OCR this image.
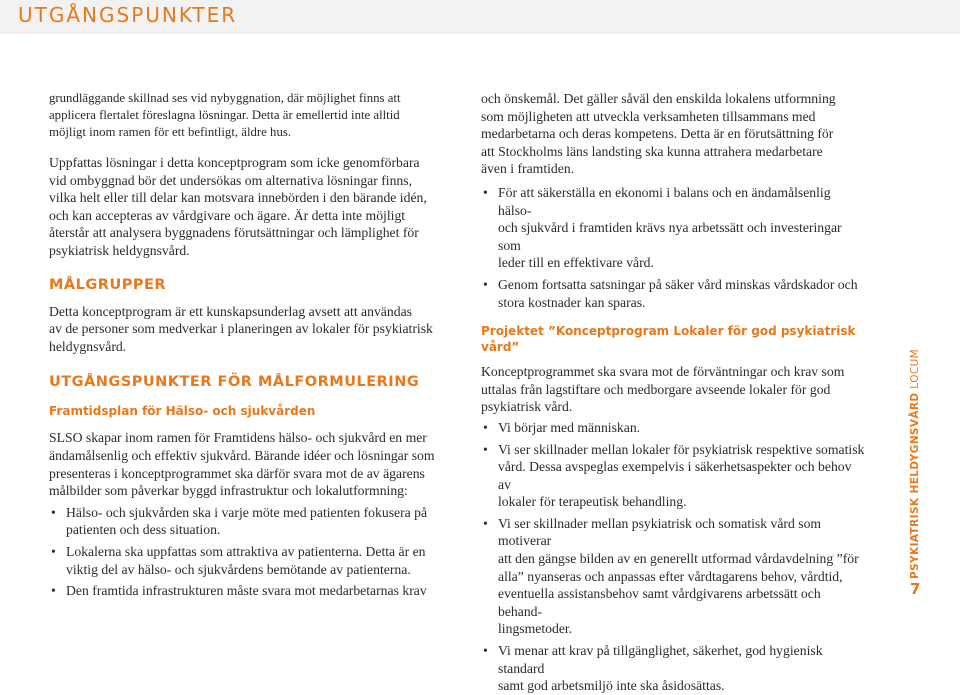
UTGÅNGSPUNKTER

grundläggande skillnad ses vid nybyggnation, där möjlighet finns att
applicera flertalet föreslagna lösningar. Detta är emellertid inte alltid
möjligt inom ramen för ett befintligt, äldre hus.

Uppfattas lösningar i detta konceptprogram som icke genomförbara
vid ombyggnad bör det undersökas om alternativa lösningar finns,
vilka helt eller till delar kan motsvara innebörden i den bärande idén,
och kan accepteras av vårdgivare och ägare. Är detta inte möjligt
återstår att analysera byggnadens förutsättningar och lämplighet för
psykiatrisk heldygnsvård.

MÅLGRUPPER

Detta konceptprogram är ett kunskapsunderlag avsett att användas
av de personer som medverkar i planeringen av lokaler för psykiatrisk
heldygnsvård.

UTGÅNGSPUNKTER FÖR MÅLFORMULERING
Framtidsplan för Hälso- och sjukvården

SLSO skapar inom ramen för Framtidens hälso- och sjukvård en mer
ändamålsenlig och effektiv sjukvård. Bärande idéer och lösningar som
presenteras i konceptprogrammet ska därför svara mot de av ägarens
målbilder som påverkar byggd infrastruktur och lokalutformning:

• Hälso- och sjukvården ska i varje möte med patienten fokusera på
patienten och dess situation.
• Lokalerna ska uppfattas som attraktiva av patienterna. Detta är en
viktig del av hälso- och sjukvårdens bemötande av patienterna.
• Den framtida infrastrukturen måste svara mot medarbetarnas krav

och önskemål. Det gäller såväl den enskilda lokalens utformning
som möjligheten att utveckla verksamheten tillsammans med
medarbetarna och deras kompetens. Detta är en förutsättning för
att Stockholms läns landsting ska kunna attrahera medarbetare
även i framtiden.

• För att säkerställa en ekonomi i balans och en ändamålsenlig hälso-
och sjukvård i framtiden krävs nya arbetssätt och investeringar som
leder till en effektivare vård.
• Genom fortsatta satsningar på säker vård minskas vårdskador och
stora kostnader kan sparas.
Projektet ”Konceptprogram Lokaler för god psykiatrisk vård”

Konceptprogrammet ska svara mot de förväntningar och krav som
uttalas från lagstiftare och medborgare avseende lokaler för god
psykiatrisk vård.

• Vi börjar med människan.
• Vi ser skillnader mellan lokaler för psykiatrisk respektive somatisk
vård. Dessa avspeglas exempelvis i säkerhetsaspekter och behov av
lokaler för terapeutisk behandling.
• Vi ser skillnader mellan psykiatrisk och somatisk vård som motiverar
att den gängse bilden av en generellt utformad vårdavdelning ”för
alla” nyanseras och anpassas efter vårdtagarens behov, vårdtid,
eventuella assistansbehov samt vårdgivarens arbetssätt och behand-
lingsmetoder.
• Vi menar att krav på tillgänglighet, säkerhet, god hygienisk standard
samt god arbetsmiljö inte ska åsidosättas.
PSYKIATRISK HELDYGNSVÅRD LOCUM
7
